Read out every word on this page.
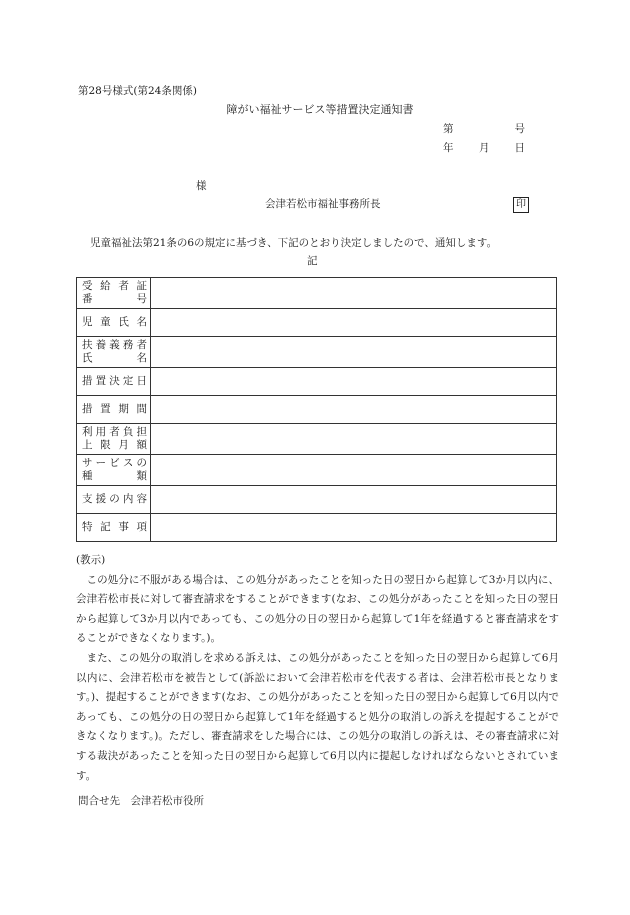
第28号様式(第24条関係)
障がい福祉サービス等措置決定通知書
第	号
年 月 日
様
会津若松市福祉事務所長	印
児童福祉法第21条の6の規定に基づき、下記のとおり決定しましたので、通知します。
記
受 給 者 証
番　　　号	

児 童 氏 名	

扶養義務者
氏　　　名	

措置決定日	

措 置 期 間	

利用者負担
上 限 月 額	

サービスの
種　　　類	

支援の内容	

特 記 事 項	

(教示)

この処分に不服がある場合は、この処分があったことを知った日の翌日から起算して3か月以内に、会津若松市長に対して審査請求をすることができます(なお、この処分があったことを知った日の翌日から起算して3か月以内であっても、この処分の日の翌日から起算して1年を経過すると審査請求をすることができなくなります。)。

また、この処分の取消しを求める訴えは、この処分があったことを知った日の翌日から起算して6月以内に、会津若松市を被告として(訴訟において会津若松市を代表する者は、会津若松市長となります。)、提起することができます(なお、この処分があったことを知った日の翌日から起算して6月以内であっても、この処分の日の翌日から起算して1年を経過すると処分の取消しの訴えを提起することができなくなります。)。ただし、審査請求をした場合には、この処分の取消しの訴えは、その審査請求に対する裁決があったことを知った日の翌日から起算して6月以内に提起しなければならないとされています。

問合せ先　会津若松市役所
